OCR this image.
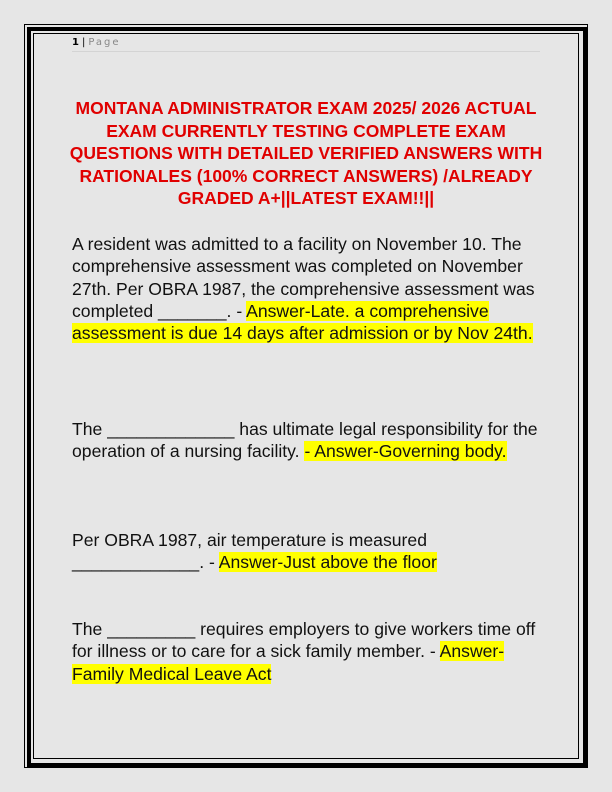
1 | Page
MONTANA ADMINISTRATOR EXAM 2025/ 2026 ACTUAL EXAM CURRENTLY TESTING COMPLETE EXAM QUESTIONS WITH DETAILED VERIFIED ANSWERS WITH RATIONALES (100% CORRECT ANSWERS) /ALREADY GRADED A+||LATEST EXAM!!||
A resident was admitted to a facility on November 10. The comprehensive assessment was completed on November 27th. Per OBRA 1987, the comprehensive assessment was completed _______. - Answer-Late. a comprehensive assessment is due 14 days after admission or by Nov 24th.
The _____________ has ultimate legal responsibility for the operation of a nursing facility. - Answer-Governing body.
Per OBRA 1987, air temperature is measured _____________. - Answer-Just above the floor
The _________ requires employers to give workers time off for illness or to care for a sick family member. - Answer-Family Medical Leave Act
